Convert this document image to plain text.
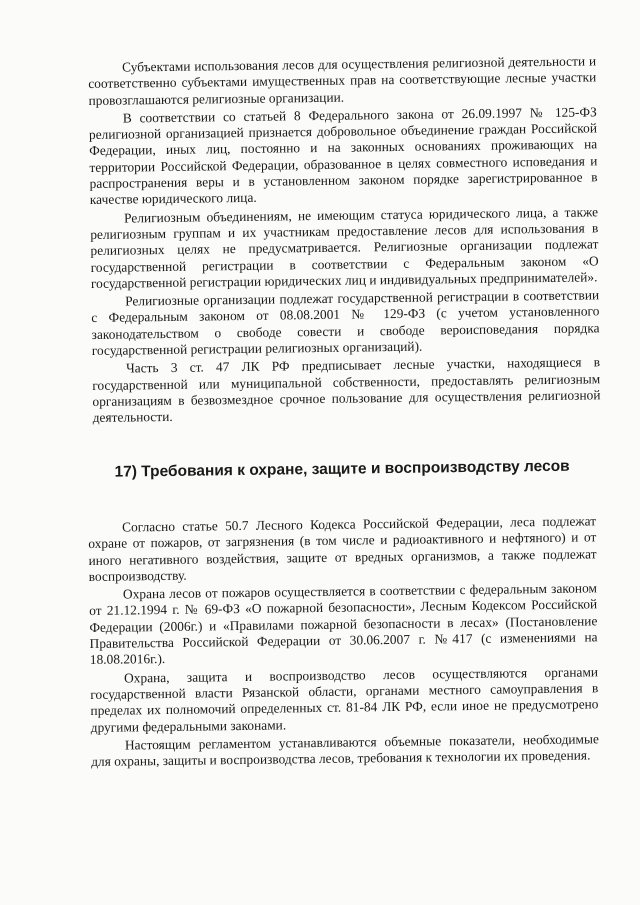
Субъектами использования лесов для осуществления религиозной деятельности и соответственно субъектами имущественных прав на соответствующие лесные участки провозглашаются религиозные организации.

В соответствии со статьей 8 Федерального закона от 26.09.1997 № 125-ФЗ религиозной организацией признается добровольное объединение граждан Российской Федерации, иных лиц, постоянно и на законных основаниях проживающих на территории Российской Федерации, образованное в целях совместного исповедания и распространения веры и в установленном законом порядке зарегистрированное в качестве юридического лица.

Религиозным объединениям, не имеющим статуса юридического лица, а также религиозным группам и их участникам предоставление лесов для использования в религиозных целях не предусматривается. Религиозные организации подлежат государственной регистрации в соответствии с Федеральным законом «О государственной регистрации юридических лиц и индивидуальных предпринимателей».

Религиозные организации подлежат государственной регистрации в соответствии с Федеральным законом от 08.08.2001 № 129-ФЗ (с учетом установленного законодательством о свободе совести и свободе вероисповедания порядка государственной регистрации религиозных организаций).

Часть 3 ст. 47 ЛК РФ предписывает лесные участки, находящиеся в государственной или муниципальной собственности, предоставлять религиозным организациям в безвозмездное срочное пользование для осуществления религиозной деятельности.

17) Требования к охране, защите и воспроизводству лесов

Согласно статье 50.7 Лесного Кодекса Российской Федерации, леса подлежат охране от пожаров, от загрязнения (в том числе и радиоактивного и нефтяного) и от иного негативного воздействия, защите от вредных организмов, а также подлежат воспроизводству.

Охрана лесов от пожаров осуществляется в соответствии с федеральным законом от 21.12.1994 г. № 69-ФЗ «О пожарной безопасности», Лесным Кодексом Российской Федерации (2006г.) и «Правилами пожарной безопасности в лесах» (Постановление Правительства Российской Федерации от 30.06.2007 г. №417 (с изменениями на 18.08.2016г.).

Охрана, защита и воспроизводство лесов осуществляются органами государственной власти Рязанской области, органами местного самоуправления в пределах их полномочий определенных ст. 81-84 ЛК РФ, если иное не предусмотрено другими федеральными законами.

Настоящим регламентом устанавливаются объемные показатели, необходимые для охраны, защиты и воспроизводства лесов, требования к технологии их проведения.
